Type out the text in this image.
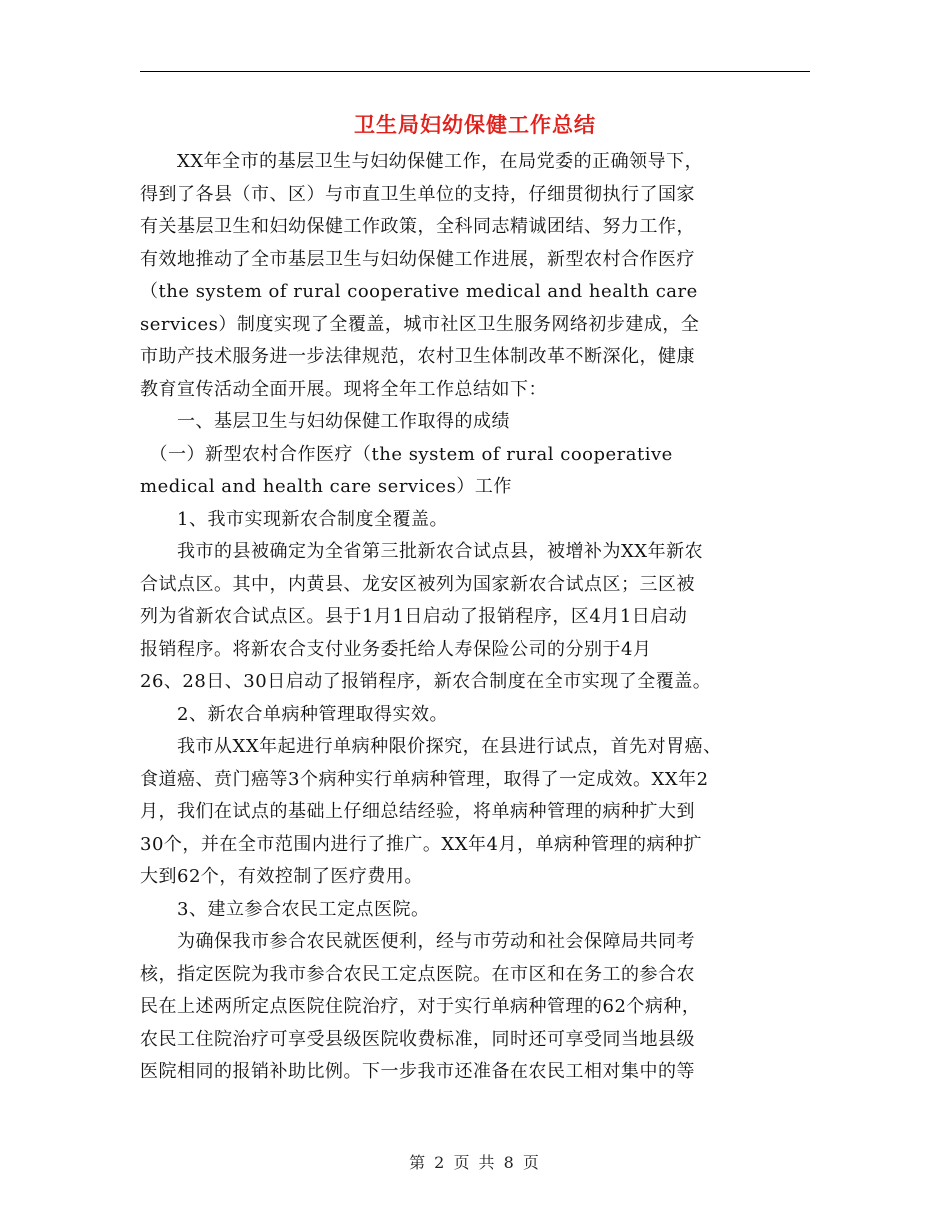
卫生局妇幼保健工作总结
　　XX年全市的基层卫生与妇幼保健工作，在局党委的正确领导下，
得到了各县（市、区）与市直卫生单位的支持，仔细贯彻执行了国家
有关基层卫生和妇幼保健工作政策，全科同志精诚团结、努力工作，
有效地推动了全市基层卫生与妇幼保健工作进展，新型农村合作医疗
（the system of rural cooperative medical and health care
services）制度实现了全覆盖，城市社区卫生服务网络初步建成，全
市助产技术服务进一步法律规范，农村卫生体制改革不断深化，健康
教育宣传活动全面开展。现将全年工作总结如下：
　　一、基层卫生与妇幼保健工作取得的成绩
　（一）新型农村合作医疗（the system of rural cooperative
medical and health care services）工作
　　1、我市实现新农合制度全覆盖。
　　我市的县被确定为全省第三批新农合试点县，被增补为XX年新农
合试点区。其中，内黄县、龙安区被列为国家新农合试点区；三区被
列为省新农合试点区。县于1月1日启动了报销程序，区4月1日启动
报销程序。将新农合支付业务委托给人寿保险公司的分别于4月
26、28日、30日启动了报销程序，新农合制度在全市实现了全覆盖。
　　2、新农合单病种管理取得实效。
　　我市从XX年起进行单病种限价探究，在县进行试点，首先对胃癌、
食道癌、贲门癌等3个病种实行单病种管理，取得了一定成效。XX年2
月，我们在试点的基础上仔细总结经验，将单病种管理的病种扩大到
30个，并在全市范围内进行了推广。XX年4月，单病种管理的病种扩
大到62个，有效控制了医疗费用。
　　3、建立参合农民工定点医院。
　　为确保我市参合农民就医便利，经与市劳动和社会保障局共同考
核，指定医院为我市参合农民工定点医院。在市区和在务工的参合农
民在上述两所定点医院住院治疗，对于实行单病种管理的62个病种，
农民工住院治疗可享受县级医院收费标准，同时还可享受同当地县级
医院相同的报销补助比例。下一步我市还准备在农民工相对集中的等
第 2 页 共 8 页
